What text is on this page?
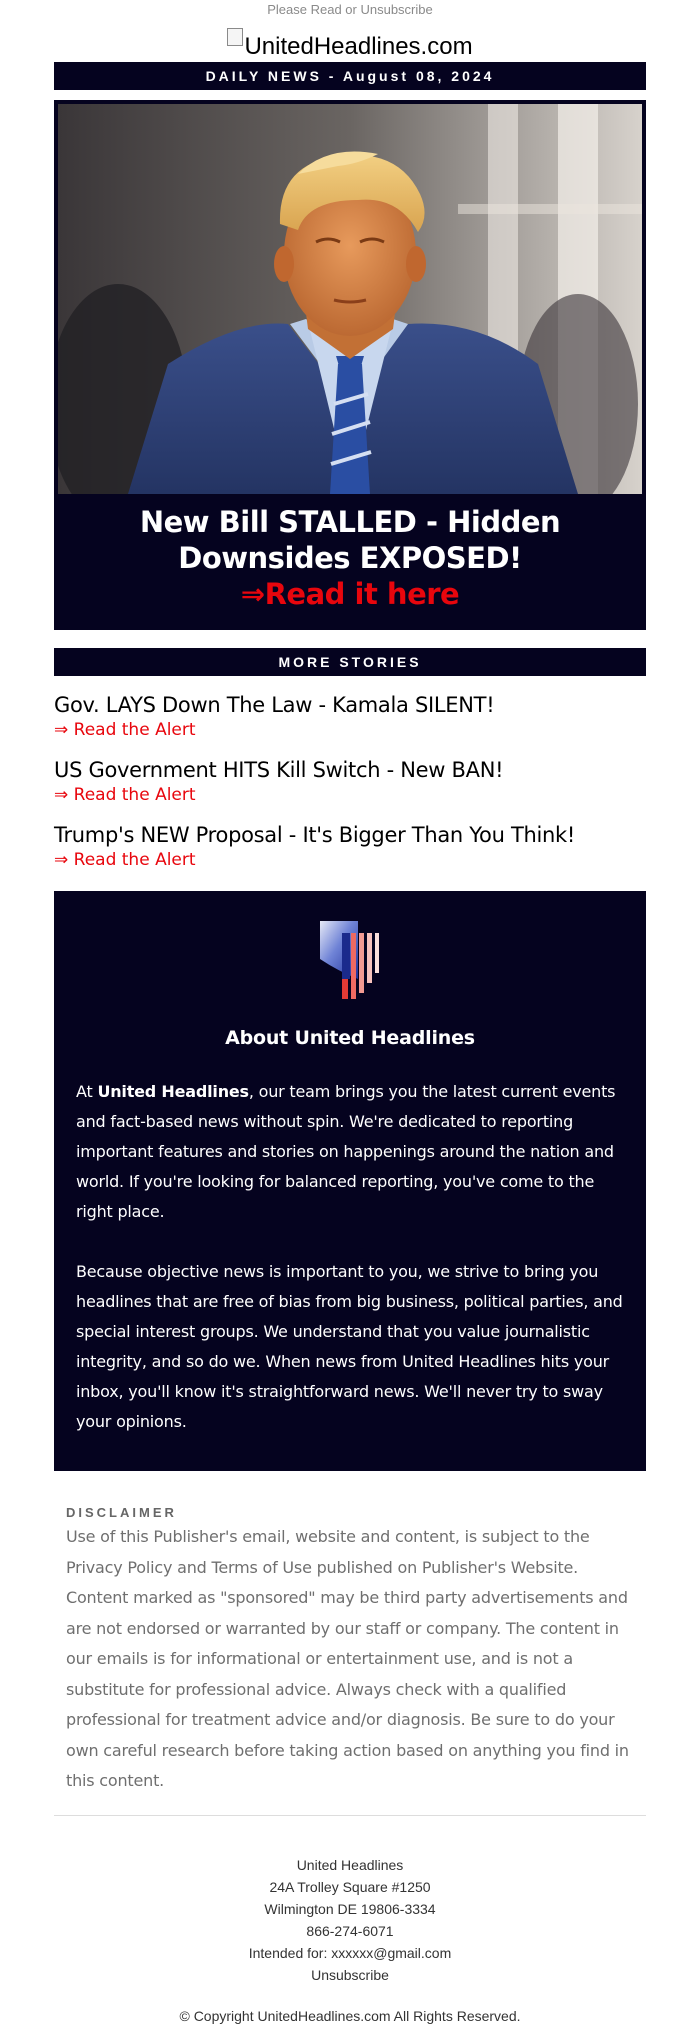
Please Read or Unsubscribe
UnitedHeadlines.com
DAILY NEWS - August 08, 2024
New Bill STALLED - Hidden Downsides EXPOSED!
⇒Read it here
MORE STORIES
Gov. LAYS Down The Law - Kamala SILENT!
⇒ Read the Alert
US Government HITS Kill Switch - New BAN!
⇒ Read the Alert
Trump's NEW Proposal - It's Bigger Than You Think!
⇒ Read the Alert
About United Headlines
At United Headlines, our team brings you the latest current events and fact-based news without spin. We're dedicated to reporting important features and stories on happenings around the nation and world. If you're looking for balanced reporting, you've come to the right place.
Because objective news is important to you, we strive to bring you headlines that are free of bias from big business, political parties, and special interest groups. We understand that you value journalistic integrity, and so do we. When news from United Headlines hits your inbox, you'll know it's straightforward news. We'll never try to sway your opinions.
DISCLAIMER
Use of this Publisher's email, website and content, is subject to the Privacy Policy and Terms of Use published on Publisher's Website. Content marked as "sponsored" may be third party advertisements and are not endorsed or warranted by our staff or company. The content in our emails is for informational or entertainment use, and is not a substitute for professional advice. Always check with a qualified professional for treatment advice and/or diagnosis. Be sure to do your own careful research before taking action based on anything you find in this content.
United Headlines
24A Trolley Square #1250
Wilmington DE 19806-3334
866-274-6071
Intended for: xxxxxx@gmail.com
Unsubscribe
© Copyright UnitedHeadlines.com All Rights Reserved.
